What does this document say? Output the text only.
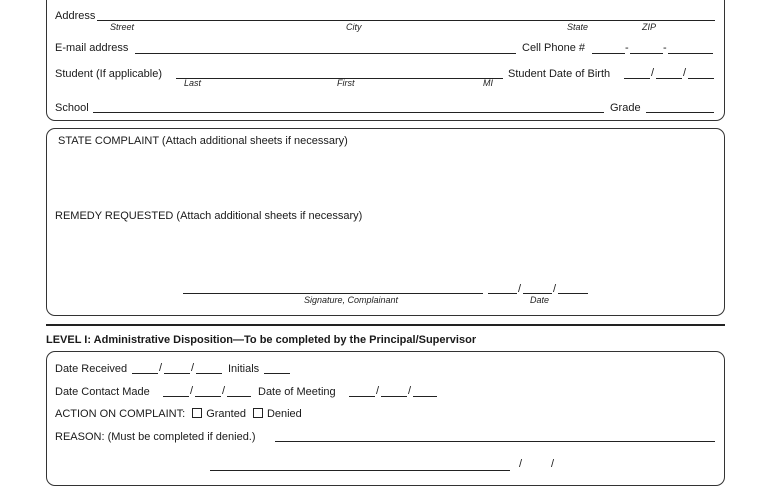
Address
Street	City	State	ZIP
E-mail address	Cell Phone #	-	-
Student (If applicable)
Last	First	MI
Student Date of Birth	/	/
School	Grade
STATE COMPLAINT (Attach additional sheets if necessary)
REMEDY REQUESTED (Attach additional sheets if necessary)
Signature, Complainant
/	/
Date
LEVEL I: Administrative Disposition—To be completed by the Principal/Supervisor
Date Received	/	/	Initials
Date Contact Made	/	/	Date of Meeting	/	/
ACTION ON COMPLAINT: Granted Denied
REASON: (Must be completed if denied.)
/	/
